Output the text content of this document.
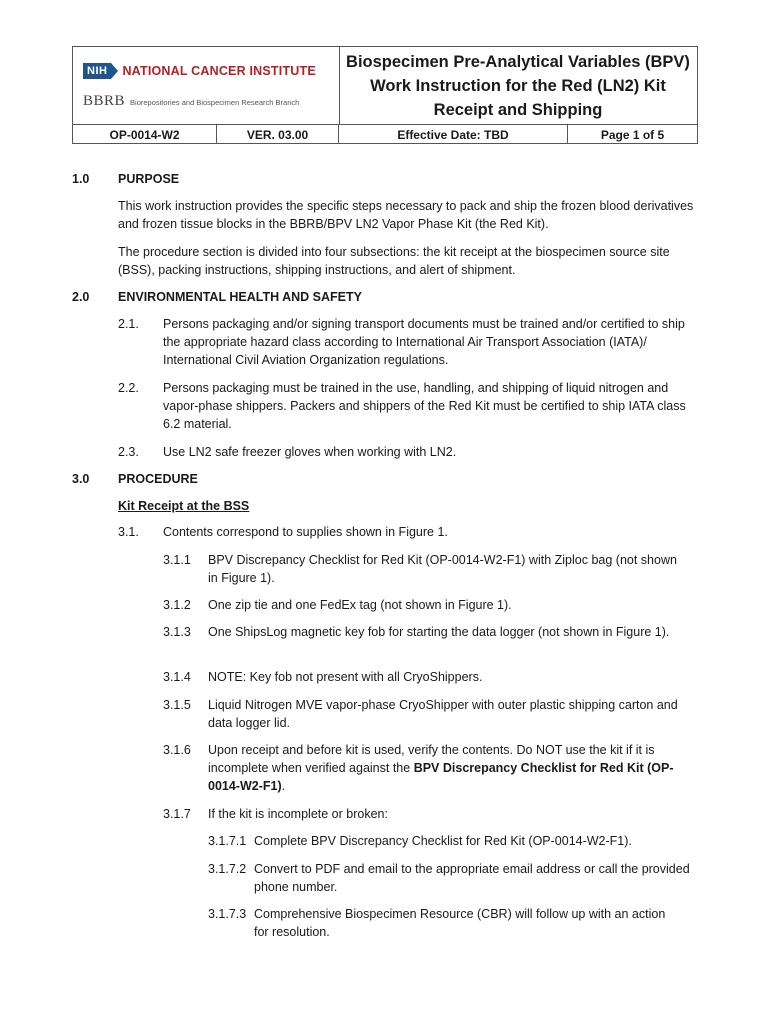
NIH	NATIONAL CANCER INSTITUTE
BBRB Biorepositories and Biospecimen Research Branch
Biospecimen Pre-Analytical Variables (BPV) Work Instruction for the Red (LN2) Kit Receipt and Shipping
OP-0014-W2	VER. 03.00	Effective Date: TBD	Page 1 of 5
1.0 PURPOSE
This work instruction provides the specific steps necessary to pack and ship the frozen blood derivatives and frozen tissue blocks in the BBRB/BPV LN2 Vapor Phase Kit (the Red Kit).
The procedure section is divided into four subsections: the kit receipt at the biospecimen source site (BSS), packing instructions, shipping instructions, and alert of shipment.
2.0 ENVIRONMENTAL HEALTH AND SAFETY
2.1. Persons packaging and/or signing transport documents must be trained and/or certified to ship the appropriate hazard class according to International Air Transport Association (IATA)/ International Civil Aviation Organization regulations.
2.2. Persons packaging must be trained in the use, handling, and shipping of liquid nitrogen and vapor-phase shippers. Packers and shippers of the Red Kit must be certified to ship IATA class 6.2 material.
2.3. Use LN2 safe freezer gloves when working with LN2.
3.0 PROCEDURE
Kit Receipt at the BSS
3.1. Contents correspond to supplies shown in Figure 1.
3.1.1 BPV Discrepancy Checklist for Red Kit (OP-0014-W2-F1) with Ziploc bag (not shown in Figure 1).
3.1.2 One zip tie and one FedEx tag (not shown in Figure 1).
3.1.3 One ShipsLog magnetic key fob for starting the data logger (not shown in Figure 1).
3.1.4 NOTE: Key fob not present with all CryoShippers.
3.1.5 Liquid Nitrogen MVE vapor-phase CryoShipper with outer plastic shipping carton and data logger lid.
3.1.6 Upon receipt and before kit is used, verify the contents. Do NOT use the kit if it is incomplete when verified against the BPV Discrepancy Checklist for Red Kit (OP-0014-W2-F1).
3.1.7 If the kit is incomplete or broken:
3.1.7.1 Complete BPV Discrepancy Checklist for Red Kit (OP-0014-W2-F1).
3.1.7.2 Convert to PDF and email to the appropriate email address or call the provided phone number.
3.1.7.3 Comprehensive Biospecimen Resource (CBR) will follow up with an action for resolution.
